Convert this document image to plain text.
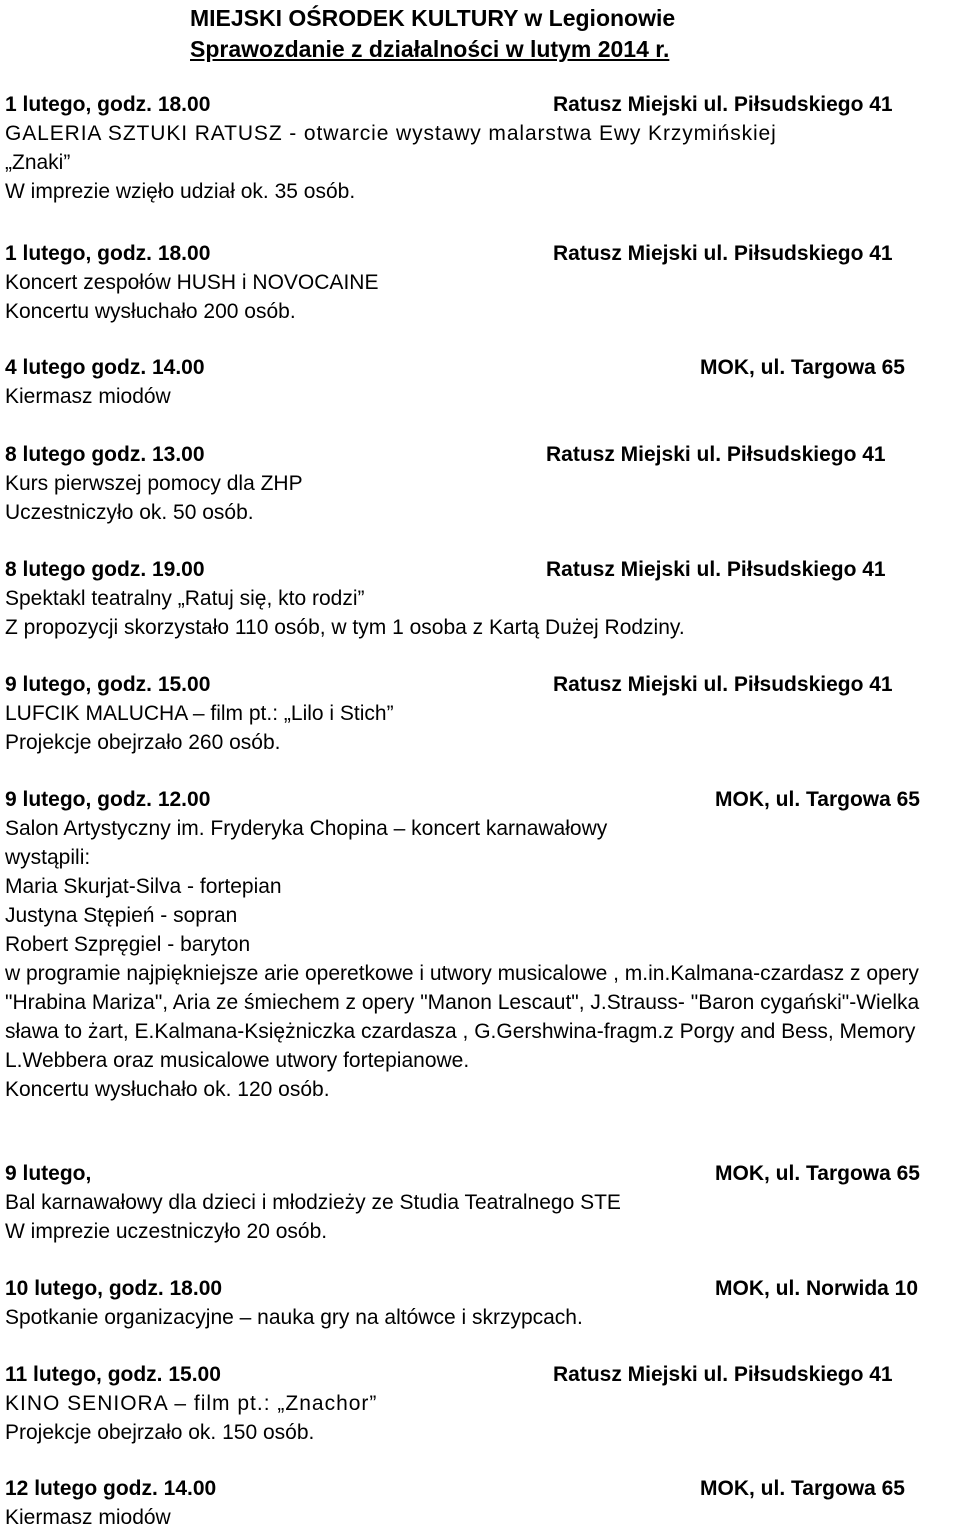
MIEJSKI OŚRODEK KULTURY w Legionowie
Sprawozdanie z działalności w lutym 2014 r.
1 lutego, godz. 18.00	Ratusz Miejski ul. Piłsudskiego 41
GALERIA SZTUKI RATUSZ - otwarcie wystawy malarstwa Ewy Krzymińskiej
„Znaki”
W imprezie wzięło udział ok. 35 osób.
1 lutego, godz. 18.00	Ratusz Miejski ul. Piłsudskiego 41
Koncert zespołów HUSH i NOVOCAINE
Koncertu wysłuchało 200 osób.
4 lutego godz. 14.00	MOK, ul. Targowa 65
Kiermasz miodów
8 lutego godz. 13.00	Ratusz Miejski ul. Piłsudskiego 41
Kurs pierwszej pomocy dla ZHP
Uczestniczyło ok. 50 osób.
8 lutego godz. 19.00	Ratusz Miejski ul. Piłsudskiego 41
Spektakl teatralny „Ratuj się, kto rodzi”
Z propozycji skorzystało 110 osób, w tym 1 osoba z Kartą Dużej Rodziny.
9 lutego, godz. 15.00	Ratusz Miejski ul. Piłsudskiego 41
LUFCIK MALUCHA – film pt.: „Lilo i Stich”
Projekcje obejrzało 260 osób.
9 lutego, godz. 12.00	MOK, ul. Targowa 65
Salon Artystyczny im. Fryderyka Chopina – koncert karnawałowy
wystąpili:
Maria Skurjat-Silva - fortepian
Justyna Stępień - sopran
Robert Szpręgiel - baryton
w programie najpiękniejsze arie operetkowe i utwory musicalowe , m.in.Kalmana-czardasz z opery "Hrabina Mariza", Aria ze śmiechem z opery "Manon Lescaut", J.Strauss- "Baron cygański"-Wielka sława to żart, E.Kalmana-Księżniczka czardasza , G.Gershwina-fragm.z Porgy and Bess, Memory L.Webbera oraz musicalowe utwory fortepianowe.
Koncertu wysłuchało ok. 120 osób.
9 lutego,	MOK, ul. Targowa 65
Bal karnawałowy dla dzieci i młodzieży ze Studia Teatralnego STE
W imprezie uczestniczyło 20 osób.
10 lutego, godz. 18.00	MOK, ul. Norwida 10
Spotkanie organizacyjne – nauka gry na altówce i skrzypcach.
11 lutego, godz. 15.00	Ratusz Miejski ul. Piłsudskiego 41
KINO SENIORA – film pt.: „Znachor”
Projekcje obejrzało ok. 150 osób.
12 lutego godz. 14.00	MOK, ul. Targowa 65
Kiermasz miodów
